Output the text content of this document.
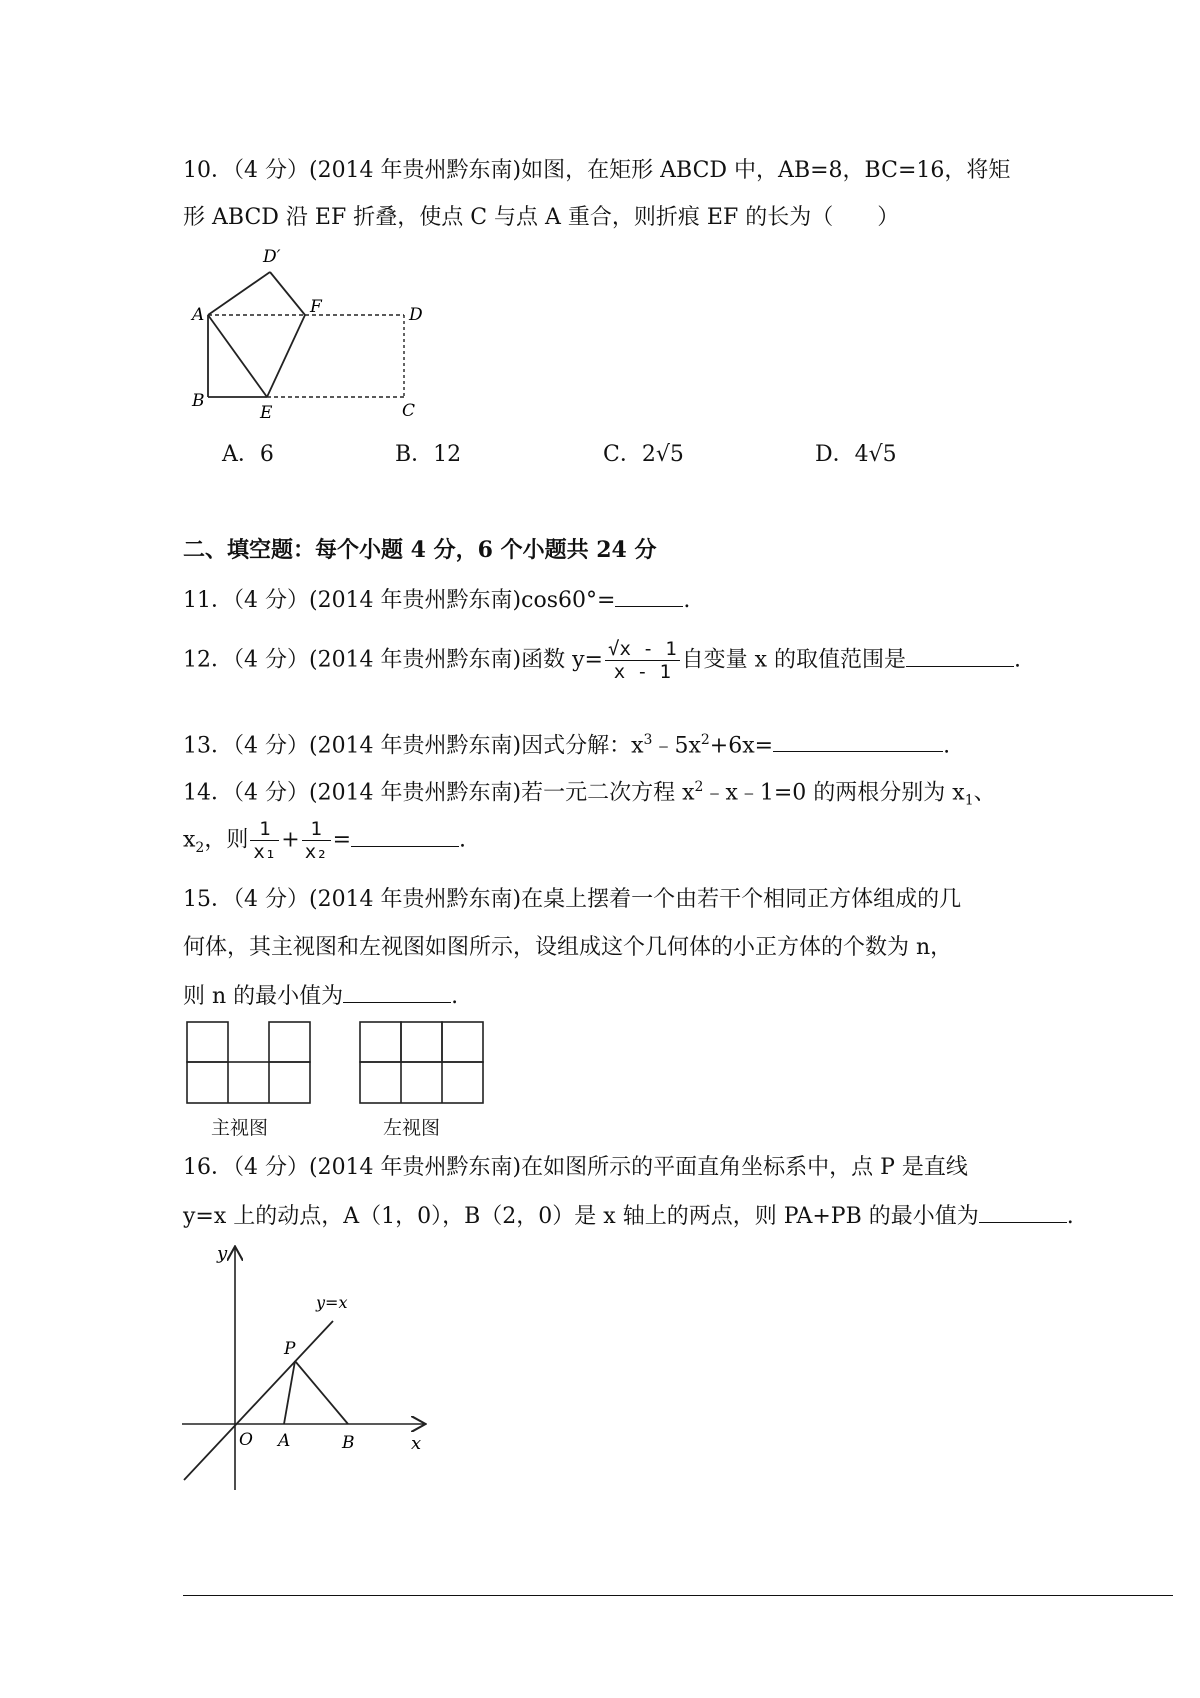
10．（4 分）(2014 年贵州黔东南)如图，在矩形 ABCD 中，AB=8，BC=16，将矩
形 ABCD 沿 EF 折叠，使点 C 与点 A 重合，则折痕 EF 的长为（　　）
A
B
E	C
D
F
D′
A．6	B．12	C．2√5	D．4√5
二、填空题：每个小题 4 分，6 个小题共 24 分
11．（4 分）(2014 年贵州黔东南)cos60°=	.
12．（4 分）(2014 年贵州黔东南)函数 $y= \frac{√x - 1}{x - 1}$ 自变量 x 的取值范围是	.
13．（4 分）(2014 年贵州黔东南)因式分解：$x^3﹣5x^2+6x=$	.
14．（4 分）(2014 年贵州黔东南)若一元二次方程 $x^2﹣x﹣1=0$ 的两根分别为 $x_1$、
$x_2$，则 $\frac{1}{\text{x₁}} + \frac{1}{\text{x₂}}$ =	.
15．（4 分）(2014 年贵州黔东南)在桌上摆着一个由若干个相同正方体组成的几
何体，其主视图和左视图如图所示，设组成这个几何体的小正方体的个数为 n，
则 n 的最小值为	.
主视图	左视图
16．（4 分）(2014 年贵州黔东南)在如图所示的平面直角坐标系中，点 P 是直线
y=x 上的动点，A（1，0），B（2，0）是 x 轴上的两点，则 PA+PB 的最小值为	.
y
x
O A	B
P
y=x
